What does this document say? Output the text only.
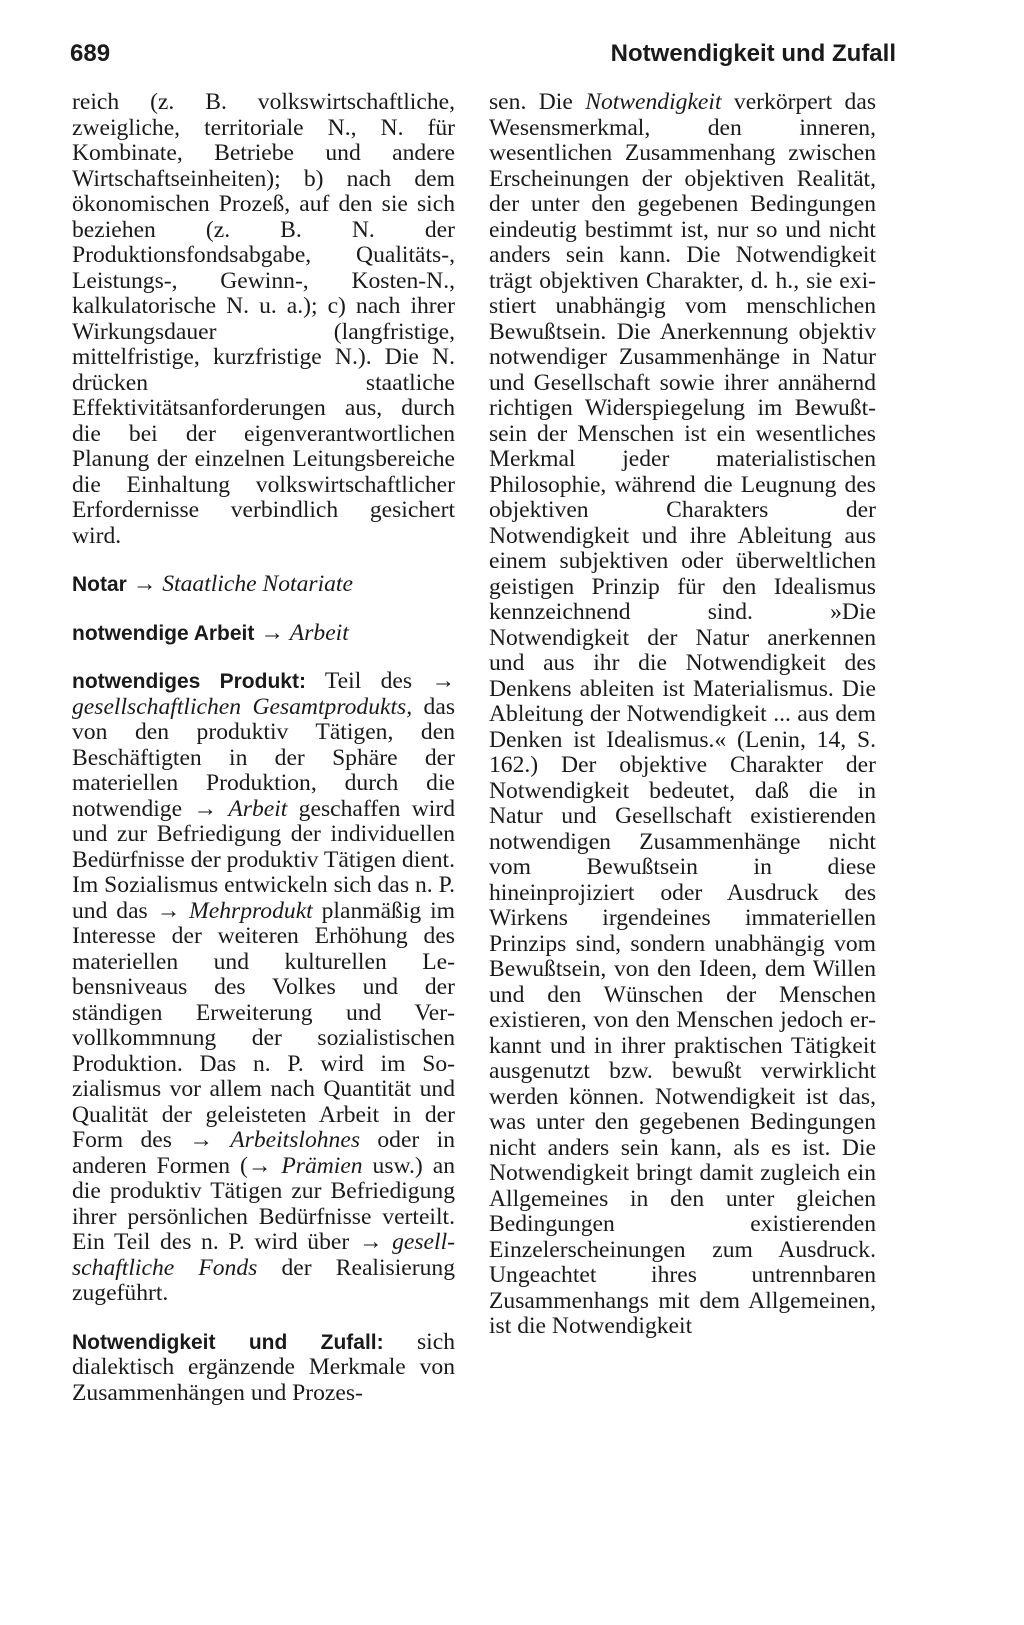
689	Notwendigkeit und Zufall

reich (z. B. volkswirtschaftliche, zweigliche, territoriale N., N. für Kombinate, Betriebe und andere Wirtschaftseinheiten); b) nach dem ökonomischen Prozeß, auf den sie sich beziehen (z. B. N. der Produktionsfondsabgabe, Qualitäts-, Leistungs-, Gewinn-, Kosten-N., kalkulatorische N. u. a.); c) nach ihrer Wirkungsdauer (langfristige, mittelfristige, kurzfristige N.). Die N. drücken staatliche Effektivitätsanforderungen aus, durch die bei der eigenverantwortlichen Planung der einzelnen Leitungsbereiche die Einhaltung volkswirtschaftlicher Erfordernisse verbindlich gesichert wird.

Notar → Staatliche Notariate

notwendige Arbeit → Arbeit

notwendiges Produkt: Teil des → gesellschaftlichen Gesamtprodukts, das von den produktiv Tätigen, den Beschäftigten in der Sphäre der materiellen Produktion, durch die notwendige → Arbeit geschaffen wird und zur Befriedigung der individuellen Bedürfnisse der produktiv Tätigen dient. Im Sozialismus entwickeln sich das n. P. und das → Mehrprodukt planmäßig im Interesse der weiteren Erhöhung des materiellen und kulturellen Lebensniveaus des Volkes und der ständigen Erweiterung und Vervollkommnung der sozialistischen Produktion. Das n. P. wird im Sozialismus vor allem nach Quantität und Qualität der geleisteten Arbeit in der Form des → Arbeitslohnes oder in anderen Formen (→ Prämien usw.) an die produktiv Tätigen zur Befriedigung ihrer persönlichen Bedürfnisse verteilt. Ein Teil des n. P. wird über → gesellschaftliche Fonds der Realisierung zugeführt.

Notwendigkeit und Zufall: sich dialektisch ergänzende Merkmale von Zusammenhängen und Prozes-

sen. Die Notwendigkeit verkörpert das Wesensmerkmal, den inneren, wesentlichen Zusammenhang zwischen Erscheinungen der objektiven Realität, der unter den gegebenen Bedingungen eindeutig bestimmt ist, nur so und nicht anders sein kann. Die Notwendigkeit trägt objektiven Charakter, d. h., sie existiert unabhängig vom menschlichen Bewußtsein. Die Anerkennung objektiv notwendiger Zusammenhänge in Natur und Gesellschaft sowie ihrer annähernd richtigen Widerspiegelung im Bewußtsein der Menschen ist ein wesentliches Merkmal jeder materialistischen Philosophie, während die Leugnung des objektiven Charakters der Notwendigkeit und ihre Ableitung aus einem subjektiven oder überweltlichen geistigen Prinzip für den Idealismus kennzeichnend sind. »Die Notwendigkeit der Natur anerkennen und aus ihr die Notwendigkeit des Denkens ableiten ist Materialismus. Die Ableitung der Notwendigkeit ... aus dem Denken ist Idealismus.« (Lenin, 14, S. 162.) Der objektive Charakter der Notwendigkeit bedeutet, daß die in Natur und Gesellschaft existierenden notwendigen Zusammenhänge nicht vom Bewußtsein in diese hineinprojiziert oder Ausdruck des Wirkens irgendeines immateriellen Prinzips sind, sondern unabhängig vom Bewußtsein, von den Ideen, dem Willen und den Wünschen der Menschen existieren, von den Menschen jedoch erkannt und in ihrer praktischen Tätigkeit ausgenutzt bzw. bewußt verwirklicht werden können. Notwendigkeit ist das, was unter den gegebenen Bedingungen nicht anders sein kann, als es ist. Die Notwendigkeit bringt damit zugleich ein Allgemeines in den unter gleichen Bedingungen existierenden Einzelerscheinungen zum Ausdruck. Ungeachtet ihres untrennbaren Zusammenhangs mit dem Allgemeinen, ist die Notwendigkeit
